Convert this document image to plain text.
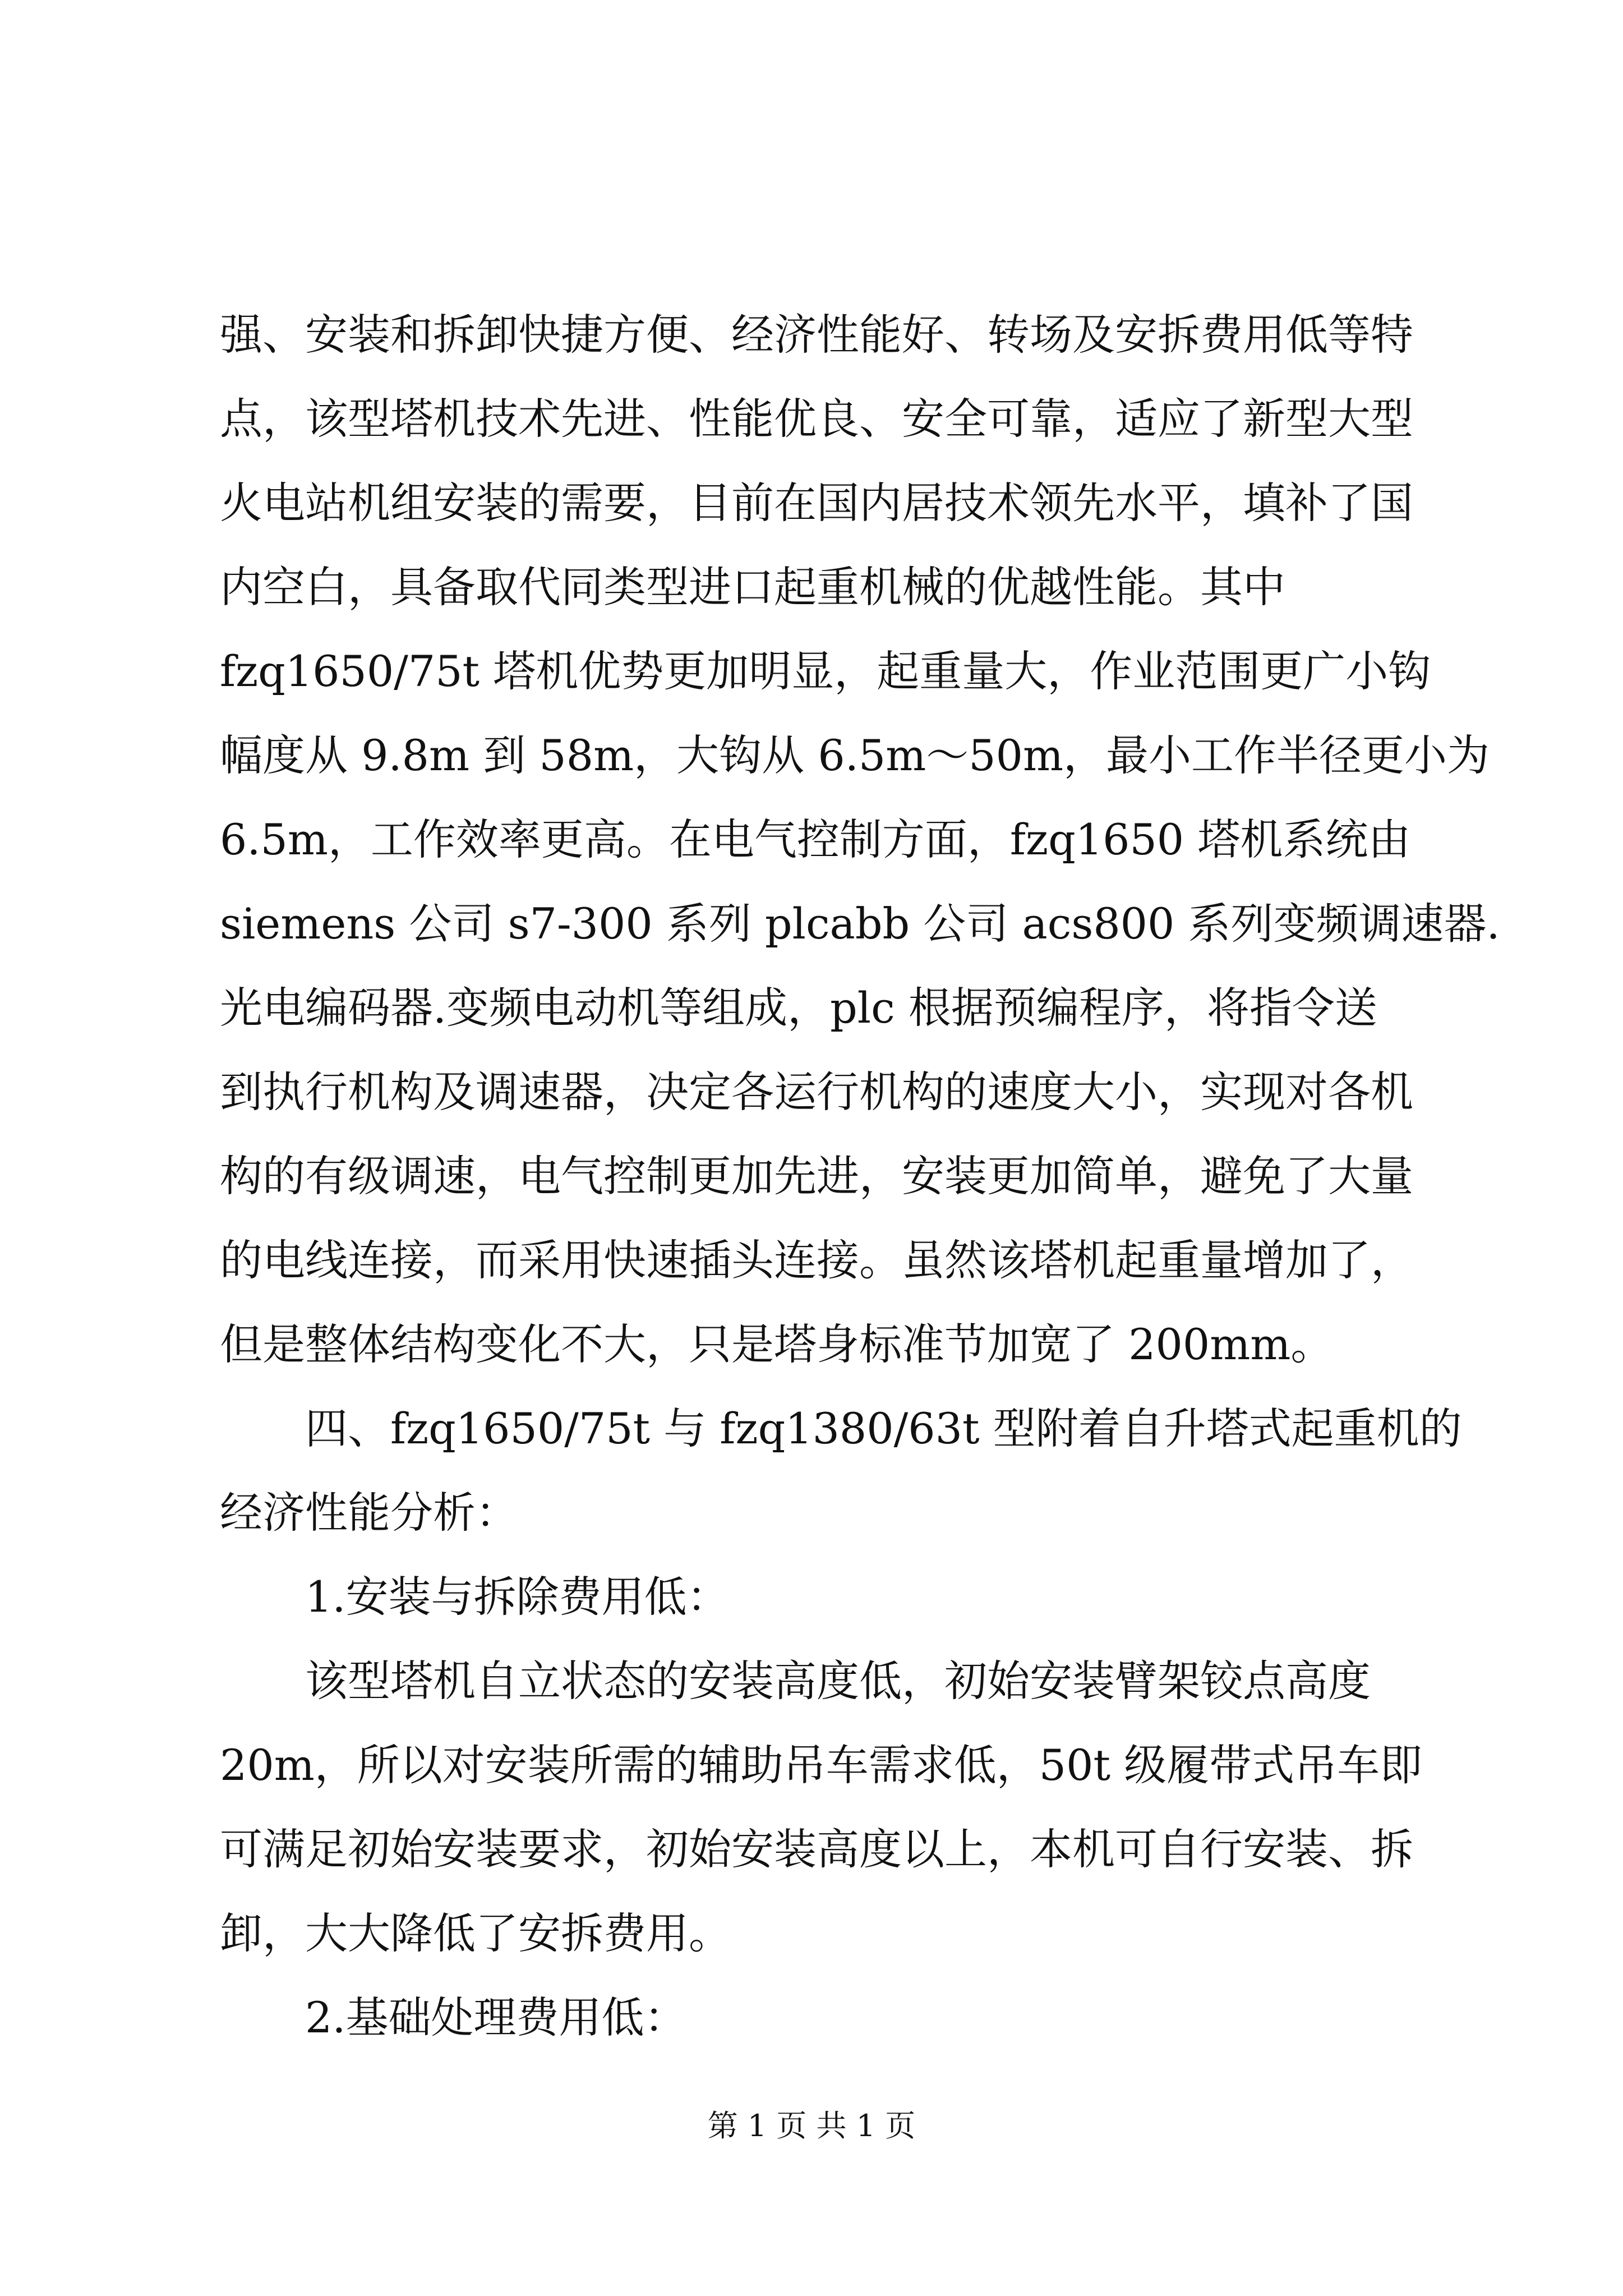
强、安装和拆卸快捷方便、经济性能好、转场及安拆费用低等特
点，该型塔机技术先进、性能优良、安全可靠，适应了新型大型
火电站机组安装的需要，目前在国内居技术领先水平，填补了国
内空白，具备取代同类型进口起重机械的优越性能。其中
fzq1650/75t 塔机优势更加明显，起重量大，作业范围更广小钩
幅度从 9.8m 到 58m，大钩从 6.5m～50m，最小工作半径更小为
6.5m，工作效率更高。在电气控制方面，fzq1650 塔机系统由
siemens 公司 s7-300 系列 plcabb 公司 acs800 系列变频调速器.
光电编码器.变频电动机等组成，plc 根据预编程序，将指令送
到执行机构及调速器，决定各运行机构的速度大小，实现对各机
构的有级调速，电气控制更加先进，安装更加简单，避免了大量
的电线连接，而采用快速插头连接。虽然该塔机起重量增加了，
但是整体结构变化不大，只是塔身标准节加宽了 200mm。
四、fzq1650/75t 与 fzq1380/63t 型附着自升塔式起重机的
经济性能分析：
1.安装与拆除费用低：
该型塔机自立状态的安装高度低，初始安装臂架铰点高度
20m，所以对安装所需的辅助吊车需求低，50t 级履带式吊车即
可满足初始安装要求，初始安装高度以上，本机可自行安装、拆
卸，大大降低了安拆费用。
2.基础处理费用低：
第 1 页 共 1 页
